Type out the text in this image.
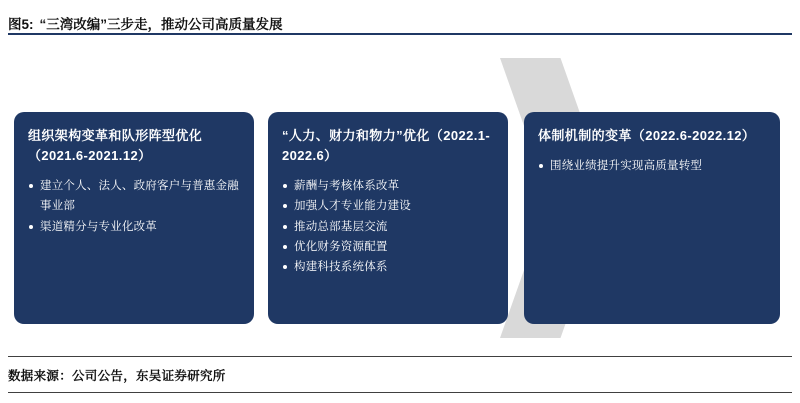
图5: “三湾改编”三步走，推动公司高质量发展
组织架构变革和队形阵型优化（2021.6-2021.12）
建立个人、法人、政府客户与普惠金融事业部
渠道精分与专业化改革
“人力、财力和物力”优化（2022.1-2022.6）
薪酬与考核体系改革
加强人才专业能力建设
推动总部基层交流
优化财务资源配置
构建科技系统体系
体制机制的变革（2022.6-2022.12）
围绕业绩提升实现高质量转型
数据来源：公司公告，东吴证券研究所
